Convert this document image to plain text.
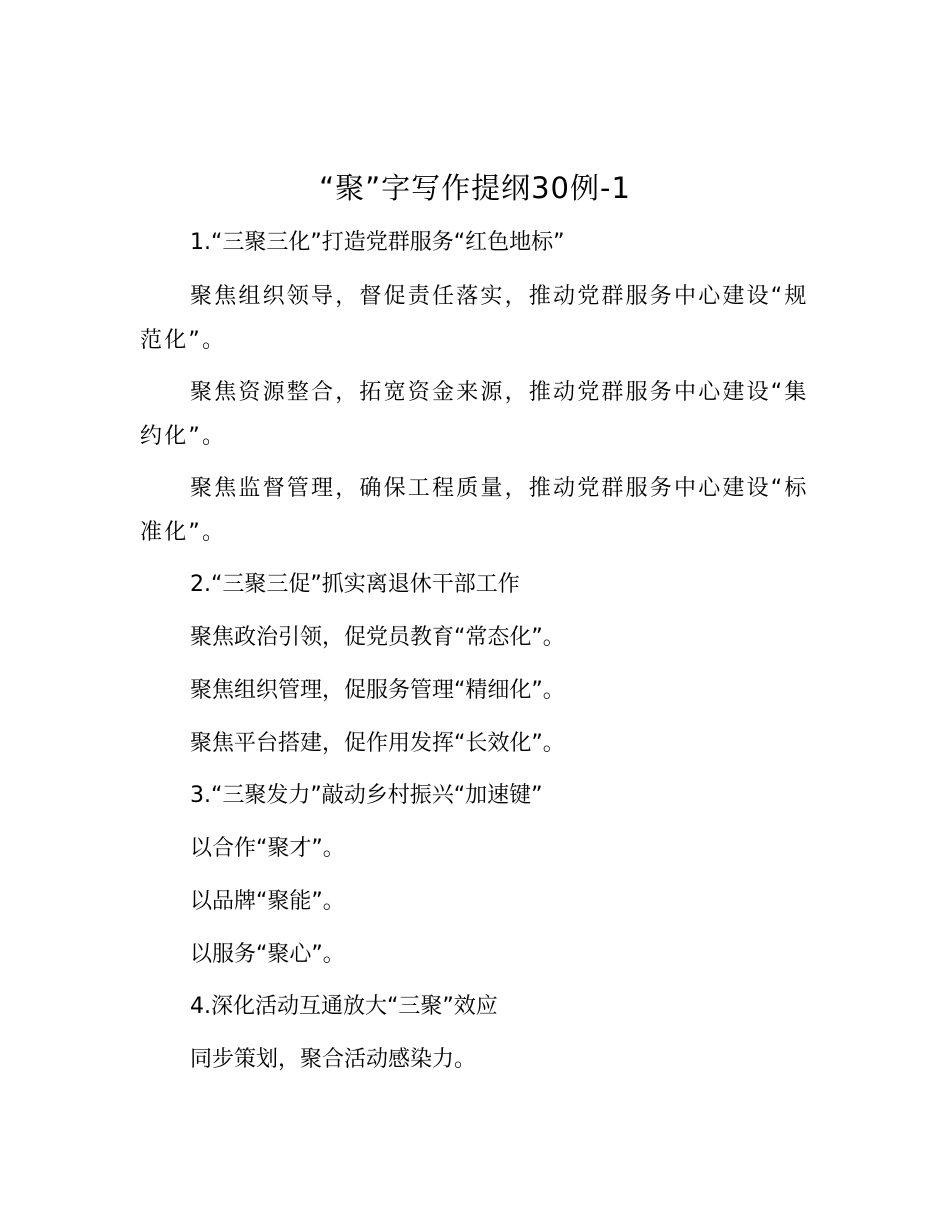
“聚”字写作提纲30例-1
1.“三聚三化”打造党群服务“红色地标”
聚焦组织领导，督促责任落实，推动党群服务中心建设“规范化”。
聚焦资源整合，拓宽资金来源，推动党群服务中心建设“集约化”。
聚焦监督管理，确保工程质量，推动党群服务中心建设“标准化”。
2.“三聚三促”抓实离退休干部工作
聚焦政治引领，促党员教育“常态化”。
聚焦组织管理，促服务管理“精细化”。
聚焦平台搭建，促作用发挥“长效化”。
3.“三聚发力”敲动乡村振兴“加速键”
以合作“聚才”。
以品牌“聚能”。
以服务“聚心”。
4.深化活动互通放大“三聚”效应
同步策划，聚合活动感染力。
